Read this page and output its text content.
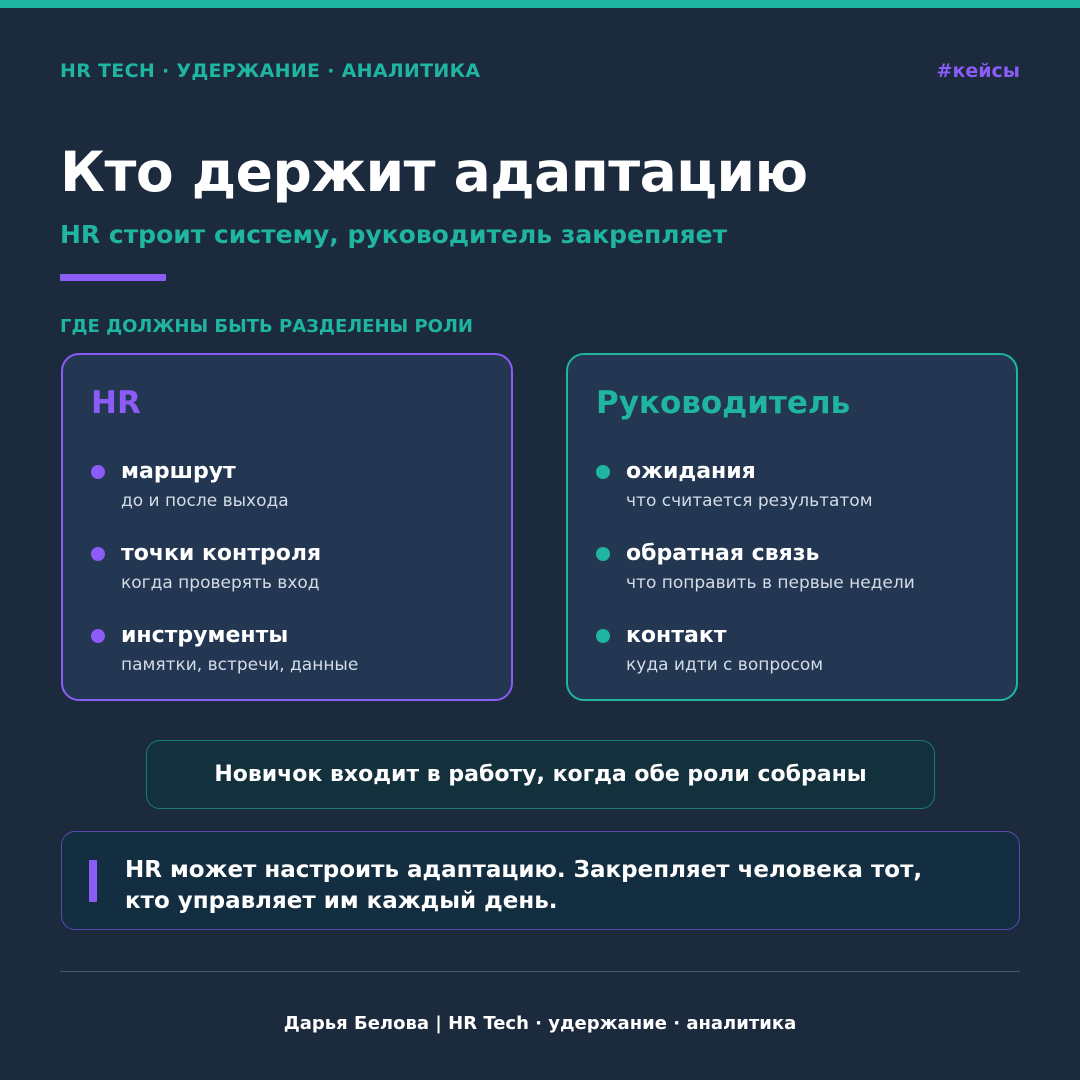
HR TECH · УДЕРЖАНИЕ · АНАЛИТИКА	#кейсы
Кто держит адаптацию
HR строит систему, руководитель закрепляет
ГДЕ ДОЛЖНЫ БЫТЬ РАЗДЕЛЕНЫ РОЛИ
HR
маршрут
до и после выхода
точки контроля
когда проверять вход
инструменты
памятки, встречи, данные
Руководитель
ожидания
что считается результатом
обратная связь
что поправить в первые недели
контакт
куда идти с вопросом
Новичок входит в работу, когда обе роли собраны
HR может настроить адаптацию. Закрепляет человека тот,
кто управляет им каждый день.
Дарья Белова | HR Tech · удержание · аналитика
